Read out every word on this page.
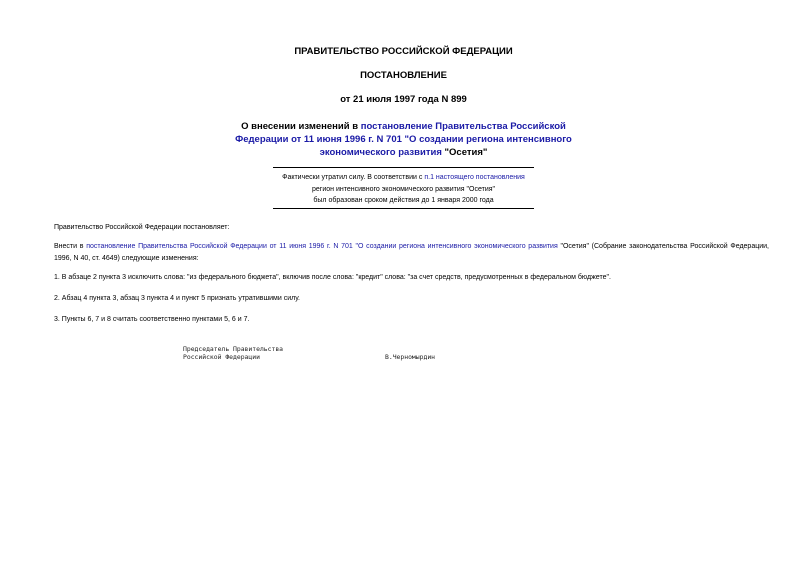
ПРАВИТЕЛЬСТВО РОССИЙСКОЙ ФЕДЕРАЦИИ
ПОСТАНОВЛЕНИЕ
от 21 июля 1997 года N 899
О внесении изменений в постановление Правительства Российской Федерации от 11 июня 1996 г. N 701 "О создании региона интенсивного экономического развития "Осетия"
Фактически утратил силу. В соответствии с п.1 настоящего постановления
регион интенсивного экономического развития "Осетия"
был образован сроком действия до 1 января 2000 года
Правительство Российской Федерации постановляет:
Внести в постановление Правительства Российской Федерации от 11 июня 1996 г. N 701 "О создании региона интенсивного экономического развития "Осетия" (Собрание законодательства Российской Федерации, 1996, N 40, ст. 4649) следующие изменения:
1. В абзаце 2 пункта 3 исключить слова: "из федерального бюджета", включив после слова: "кредит" слова: "за счет средств, предусмотренных в федеральном бюджете".
2. Абзац 4 пункта 3, абзац 3 пункта 4 и пункт 5 признать утратившими силу.
3. Пункты 6, 7 и 8 считать соответственно пунктами 5, 6 и 7.
Председатель Правительства
Российской Федерации	В.Черномырдин
